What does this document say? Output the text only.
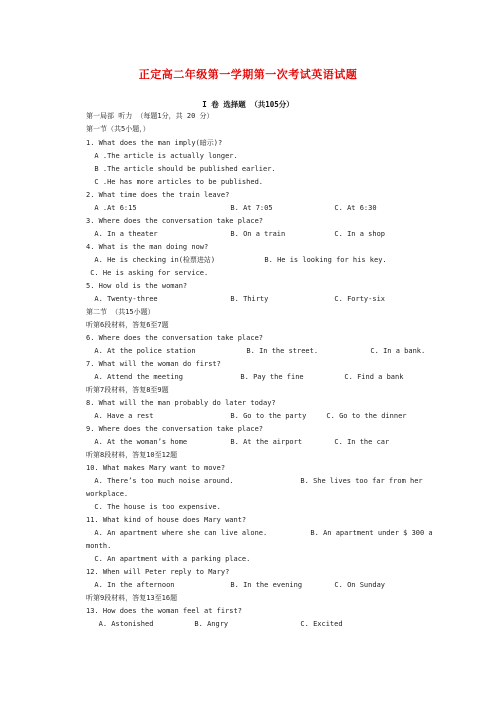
正定高二年级第一学期第一次考试英语试题
I 卷 选择题 （共105分）
第一局部 听力 （每题1分，共 20 分）
第一节（共5小题，）
1. What does the man imply(暗示)?
A .The article is actually longer.
B .The article should be published earlier.
C .He has more articles to be published.
2. What time does the train leave?
A .At 6:15	B. At 7:05	C. At 6:30
3. Where does the conversation take place?
A. In a theater	B. On a train	C. In a shop
4. What is the man doing now?
A. He is checking in(检票进站)	B. He is looking for his key.
C. He is asking for service.
5. How old is the woman?
A. Twenty-three	B. Thirty	C. Forty-six
第二节 （共15小题）
听第6段材料，答复6至7题
6. Where does the conversation take place?
A. At the police station	B. In the street.	C. In a bank.
7. What will the woman do first?
A. Attend the meeting	B. Pay the fine	C. Find a bank
听第7段材料，答复8至9题
8. What will the man probably do later today?
A. Have a rest	B. Go to the party C. Go to the dinner
9. Where does the conversation take place?
A. At the woman’s home	B. At the airport	C. In the car
听第8段材料，答复10至12题
10. What makes Mary want to move?
A. There’s too much noise around.	B. She lives too far from her
workplace.
C. The house is too expensive.
11. What kind of house does Mary want?
A. An apartment where she can live alone.	B. An apartment under $ 300 a
month.
C. An apartment with a parking place.
12. When will Peter reply to Mary?
A. In the afternoon	B. In the evening	C. On Sunday
听第9段材料，答复13至16题
13. How does the woman feel at first?
A. Astonished	B. Angry	C. Excited
